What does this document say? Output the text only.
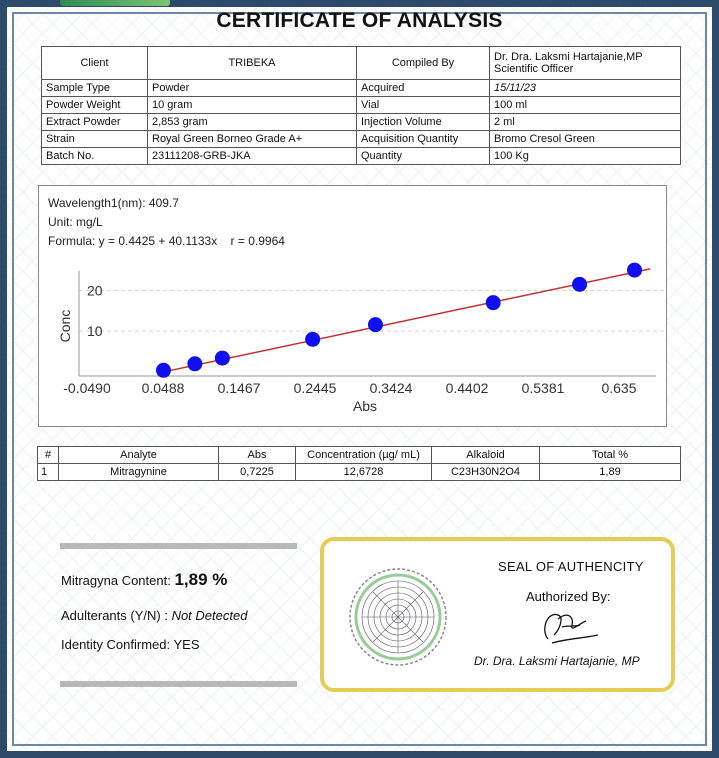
CERTIFICATE OF ANALYSIS
Client	TRIBEKA	Compiled By	Dr. Dra. Laksmi Hartajanie,MP
Scientific Officer

Sample Type	Powder	Acquired	15/11/23
Powder Weight	10 gram	Vial	100 ml
Extract Powder	2,853 gram	Injection Volume	2 ml
Strain	Royal Green Borneo Grade A+	Acquisition Quantity	Bromo Cresol Green
Batch No.	23111208-GRB-JKA	Quantity	100 Kg
Wavelength1(nm): 409.7
Unit: mg/L
Formula: y = 0.4425 + 40.1133x    r = 0.9964
10
20
-0.0490 0.0488 0.1467 0.2445 0.3424 0.4402 0.5381	0.635
Abs
Conc
#	Analyte	Abs	Concentration (µg/ mL)	Alkaloid	Total %
1	Mitragynine	0,7225	12,6728	C23H30N2O4	1,89
Mitragyna Content: 1,89 %
Adulterants (Y/N) : Not Detected
Identity Confirmed: YES
SEAL OF AUTHENCITY
Authorized By:
Dr. Dra. Laksmi Hartajanie, MP
